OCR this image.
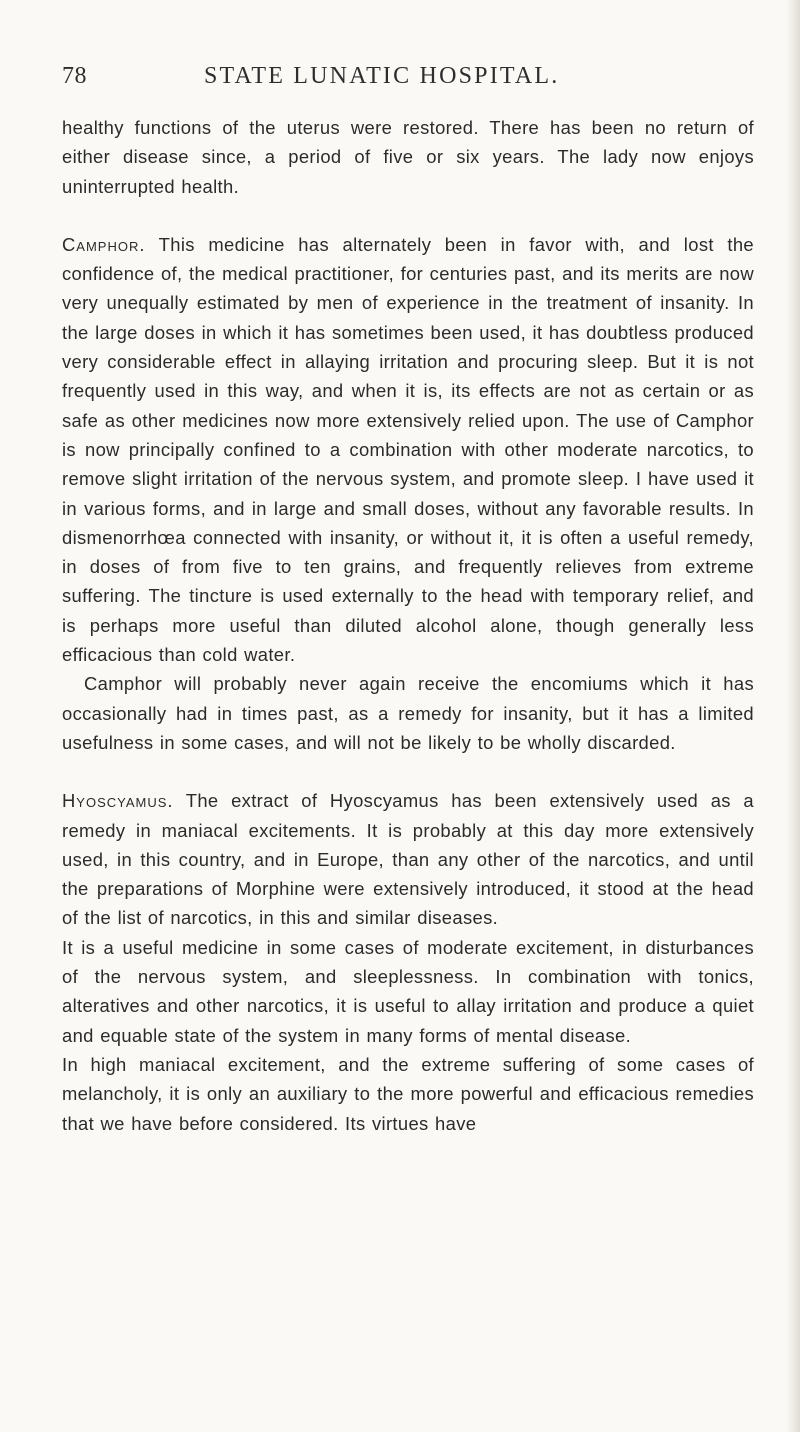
78	STATE LUNATIC HOSPITAL.

healthy functions of the uterus were restored. There has been no return of either disease since, a period of five or six years. The lady now enjoys uninterrupted health.

Camphor. This medicine has alternately been in favor with, and lost the confidence of, the medical practitioner, for centuries past, and its merits are now very unequally estimated by men of experience in the treatment of insanity. In the large doses in which it has sometimes been used, it has doubtless produced very considerable effect in allaying irritation and procuring sleep. But it is not frequently used in this way, and when it is, its effects are not as certain or as safe as other medicines now more extensively relied upon. The use of Camphor is now principally confined to a combination with other moderate narcotics, to remove slight irritation of the nervous system, and promote sleep. I have used it in various forms, and in large and small doses, without any favorable results. In dismenorrhœa connected with insanity, or without it, it is often a useful remedy, in doses of from five to ten grains, and frequently relieves from extreme suffering. The tincture is used externally to the head with temporary relief, and is perhaps more useful than diluted alcohol alone, though generally less efficacious than cold water.

Camphor will probably never again receive the encomiums which it has occasionally had in times past, as a remedy for insanity, but it has a limited usefulness in some cases, and will not be likely to be wholly discarded.

Hyoscyamus. The extract of Hyoscyamus has been extensively used as a remedy in maniacal excitements. It is probably at this day more extensively used, in this country, and in Europe, than any other of the narcotics, and until the preparations of Morphine were extensively introduced, it stood at the head of the list of narcotics, in this and similar diseases.

It is a useful medicine in some cases of moderate excitement, in disturbances of the nervous system, and sleeplessness. In combination with tonics, alteratives and other narcotics, it is useful to allay irritation and produce a quiet and equable state of the system in many forms of mental disease.

In high maniacal excitement, and the extreme suffering of some cases of melancholy, it is only an auxiliary to the more powerful and efficacious remedies that we have before considered. Its virtues have
